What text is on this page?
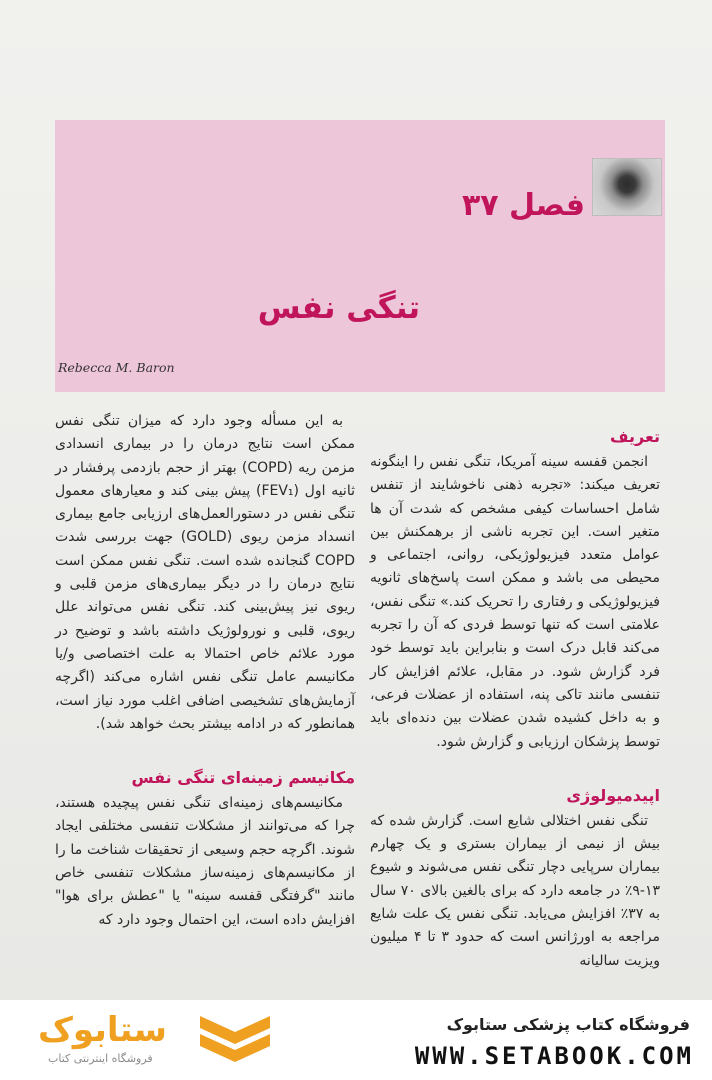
فصل ۳۷
تنگی نفس
Rebecca M. Baron
تعریف

انجمن قفسه سینه آمریکا، تنگی نفس را اینگونه تعریف میکند: «تجربه ذهنی ناخوشایند از تنفس شامل احساسات کیفی مشخص که شدت آن ها متغیر است. این تجربه ناشی از برهمکنش بین عوامل متعدد فیزیولوژیکی، روانی، اجتماعی و محیطی می باشد و ممکن است پاسخ‌های ثانویه فیزیولوژیکی و رفتاری را تحریک کند.» تنگی نفس، علامتی است که تنها توسط فردی که آن را تجربه می‌کند قابل درک است و بنابراین باید توسط خود فرد گزارش شود. در مقابل، علائم افزایش کار تنفسی مانند تاکی پنه، استفاده از عضلات فرعی، و به داخل کشیده شدن عضلات بین دنده‌ای باید توسط پزشکان ارزیابی و گزارش شود.

اپیدمیولوژی

تنگی نفس اختلالی شایع است. گزارش شده که بیش از نیمی از بیماران بستری و یک چهارم بیماران سرپایی دچار تنگی نفس می‌شوند و شیوع ۱۳-۹٪ در جامعه دارد که برای بالغین بالای ۷۰ سال به ۳۷٪ افزایش می‌یابد. تنگی نفس یک علت شایع مراجعه به اورژانس است که حدود ۳ تا ۴ میلیون ویزیت سالیانه

به این مسأله وجود دارد که میزان تنگی نفس ممکن است نتایج درمان را در بیماری انسدادی مزمن ریه (COPD) بهتر از حجم بازدمی پرفشار در ثانیه اول (FEV₁) پیش بینی کند و معیارهای معمول تنگی نفس در دستورالعمل‌های ارزیابی جامع بیماری انسداد مزمن ریوی (GOLD) جهت بررسی شدت COPD گنجانده شده است. تنگی نفس ممکن است نتایج درمان را در دیگر بیماری‌های مزمن قلبی و ریوی نیز پیش‌بینی کند. تنگی نفس می‌تواند علل ریوی، قلبی و نورولوژیک داشته باشد و توضیح در مورد علائم خاص احتمالا به علت اختصاصی و/یا مکانیسم عامل تنگی نفس اشاره می‌کند (اگرچه آزمایش‌های تشخیصی اضافی اغلب مورد نیاز است، همانطور که در ادامه بیشتر بحث خواهد شد).

مکانیسم زمینه‌ای تنگی نفس

مکانیسم‌های زمینه‌ای تنگی نفس پیچیده هستند، چرا که می‌توانند از مشکلات تنفسی مختلفی ایجاد شوند. اگرچه حجم وسیعی از تحقیقات شناخت ما را از مکانیسم‌های زمینه‌ساز مشکلات تنفسی خاص مانند "گرفتگی قفسه سینه" یا "عطش برای هوا" افزایش داده است، این احتمال وجود دارد که

ستابوک
فروشگاه اینترنتی کتاب
فروشگاه کتاب پزشکی ستابوک
WWW.SETABOOK.COM
